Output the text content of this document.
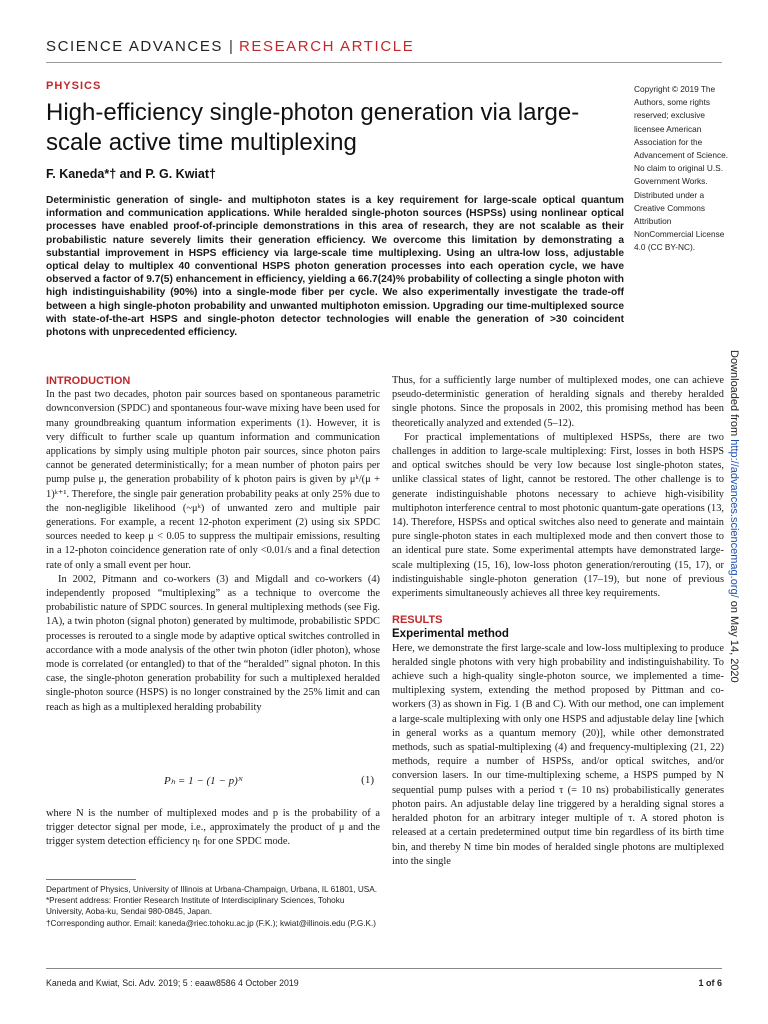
SCIENCE ADVANCES | RESEARCH ARTICLE
PHYSICS
High-efficiency single-photon generation via large-scale active time multiplexing
F. Kaneda*† and P. G. Kwiat†
Copyright © 2019 The Authors, some rights reserved; exclusive licensee American Association for the Advancement of Science. No claim to original U.S. Government Works. Distributed under a Creative Commons Attribution NonCommercial License 4.0 (CC BY-NC).
Deterministic generation of single- and multiphoton states is a key requirement for large-scale optical quantum information and communication applications. While heralded single-photon sources (HSPSs) using nonlinear optical processes have enabled proof-of-principle demonstrations in this area of research, they are not scalable as their probabilistic nature severely limits their generation efficiency. We overcome this limitation by demonstrating a substantial improvement in HSPS efficiency via large-scale time multiplexing. Using an ultra-low loss, adjustable optical delay to multiplex 40 conventional HSPS photon generation processes into each operation cycle, we have observed a factor of 9.7(5) enhancement in efficiency, yielding a 66.7(24)% probability of collecting a single photon with high indistinguishability (90%) into a single-mode fiber per cycle. We also experimentally investigate the trade-off between a high single-photon probability and unwanted multiphoton emission. Upgrading our time-multiplexed source with state-of-the-art HSPS and single-photon detector technologies will enable the generation of >30 coincident photons with unprecedented efficiency.
Downloaded from http://advances.sciencemag.org/ on May 14, 2020

INTRODUCTION

In the past two decades, photon pair sources based on spontaneous parametric downconversion (SPDC) and spontaneous four-wave mixing have been used for many groundbreaking quantum information experiments (1). However, it is very difficult to further scale up quantum information and communication applications by simply using multiple photon pair sources, since photon pairs cannot be generated deterministically; for a mean number of photon pairs per pump pulse μ, the generation probability of k photon pairs is given by μᵏ/(μ + 1)ᵏ⁺¹. Therefore, the single pair generation probability peaks at only 25% due to the non-negligible likelihood (~μᵏ) of unwanted zero and multiple pair generations. For example, a recent 12-photon experiment (2) using six SPDC sources needed to keep μ < 0.05 to suppress the multipair emissions, resulting in a 12-photon coincidence generation rate of only <0.01/s and a final detection rate of only a small event per hour.

In 2002, Pitmann and co-workers (3) and Migdall and co-workers (4) independently proposed “multiplexing” as a technique to overcome the probabilistic nature of SPDC sources. In general multiplexing methods (see Fig. 1A), a twin photon (signal photon) generated by multimode, probabilistic SPDC processes is rerouted to a single mode by adaptive optical switches controlled in accordance with a mode analysis of the other twin photon (idler photon), whose mode is correlated (or entangled) to that of the “heralded” signal photon. In this case, the single-photon generation probability for such a multiplexed heralded single-photon source (HSPS) is no longer constrained by the 25% limit and can reach as high as a multiplexed heralding probability

Pₕ = 1 − (1 − p)ᴺ	(1)

where N is the number of multiplexed modes and p is the probability of a trigger detector signal per mode, i.e., approximately the product of μ and the trigger system detection efficiency ηₜ for one SPDC mode.

Department of Physics, University of Illinois at Urbana-Champaign, Urbana, IL 61801, USA.

*Present address: Frontier Research Institute of Interdisciplinary Sciences, Tohoku University, Aoba-ku, Sendai 980-0845, Japan.

†Corresponding author. Email: kaneda@riec.tohoku.ac.jp (F.K.); kwiat@illinois.edu (P.G.K.)

Thus, for a sufficiently large number of multiplexed modes, one can achieve pseudo-deterministic generation of heralding signals and thereby heralded single photons. Since the proposals in 2002, this promising method has been theoretically analyzed and extended (5–12).

For practical implementations of multiplexed HSPSs, there are two challenges in addition to large-scale multiplexing: First, losses in both HSPS and optical switches should be very low because lost single-photon states, unlike classical states of light, cannot be restored. The other challenge is to generate indistinguishable photons necessary to achieve high-visibility multiphoton interference central to most photonic quantum-gate operations (13, 14). Therefore, HSPSs and optical switches also need to generate and maintain pure single-photon states in each multiplexed mode and then convert those to an identical pure state. Some experimental attempts have demonstrated large-scale multiplexing (15, 16), low-loss photon generation/rerouting (15, 17), or indistinguishable single-photon generation (17–19), but none of previous experiments simultaneously achieves all three key requirements.

RESULTS

Experimental method

Here, we demonstrate the first large-scale and low-loss multiplexing to produce heralded single photons with very high probability and indistinguishability. To achieve such a high-quality single-photon source, we implemented a time-multiplexing system, extending the method proposed by Pittman and co-workers (3) as shown in Fig. 1 (B and C). With our method, one can implement a large-scale multiplexing with only one HSPS and adjustable delay line [which in general works as a quantum memory (20)], while other demonstrated methods, such as spatial-multiplexing (4) and frequency-multiplexing (21, 22) methods, require a number of HSPSs, and/or optical switches, and/or conversion lasers. In our time-multiplexing scheme, a HSPS pumped by N sequential pump pulses with a period τ (= 10 ns) probabilistically generates photon pairs. An adjustable delay line triggered by a heralding signal stores a heralded photon for an arbitrary integer multiple of τ. A stored photon is released at a certain predetermined output time bin regardless of its birth time bin, and thereby N time bin modes of heralded single photons are multiplexed into the single

Kaneda and Kwiat, Sci. Adv. 2019; 5 : eaaw8586 4 October 2019	1 of 6
